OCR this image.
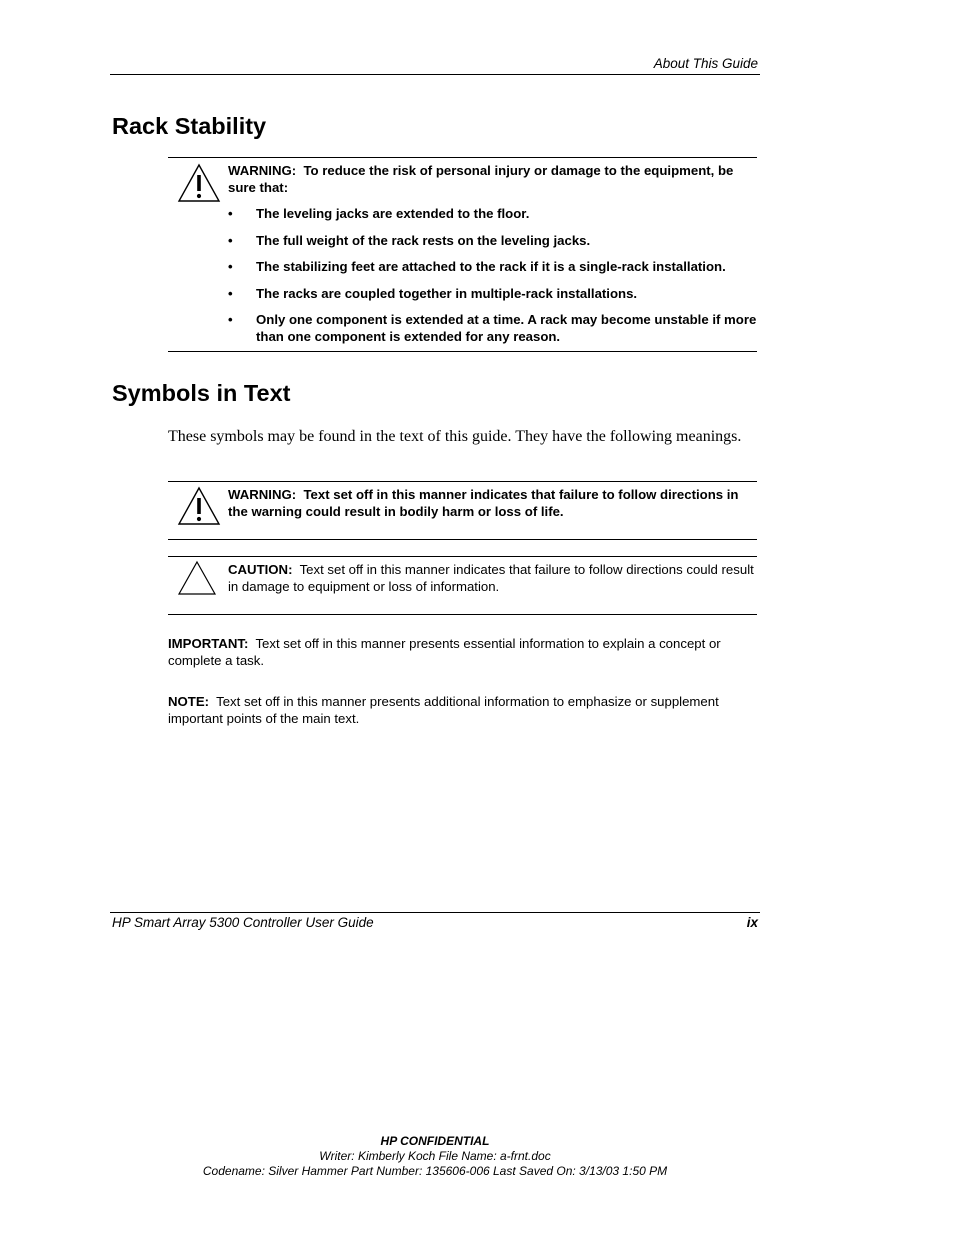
About This Guide
Rack Stability
WARNING: To reduce the risk of personal injury or damage to the equipment, be sure that:
• The leveling jacks are extended to the floor.
• The full weight of the rack rests on the leveling jacks.
• The stabilizing feet are attached to the rack if it is a single-rack installation.
• The racks are coupled together in multiple-rack installations.
• Only one component is extended at a time. A rack may become unstable if more than one component is extended for any reason.
Symbols in Text
These symbols may be found in the text of this guide. They have the following meanings.
WARNING: Text set off in this manner indicates that failure to follow directions in the warning could result in bodily harm or loss of life.
CAUTION: Text set off in this manner indicates that failure to follow directions could result in damage to equipment or loss of information.
IMPORTANT: Text set off in this manner presents essential information to explain a concept or complete a task.
NOTE: Text set off in this manner presents additional information to emphasize or supplement important points of the main text.
HP Smart Array 5300 Controller User Guide	ix
HP CONFIDENTIAL
Writer: Kimberly Koch File Name: a-frnt.doc
Codename: Silver Hammer Part Number: 135606-006 Last Saved On: 3/13/03 1:50 PM
